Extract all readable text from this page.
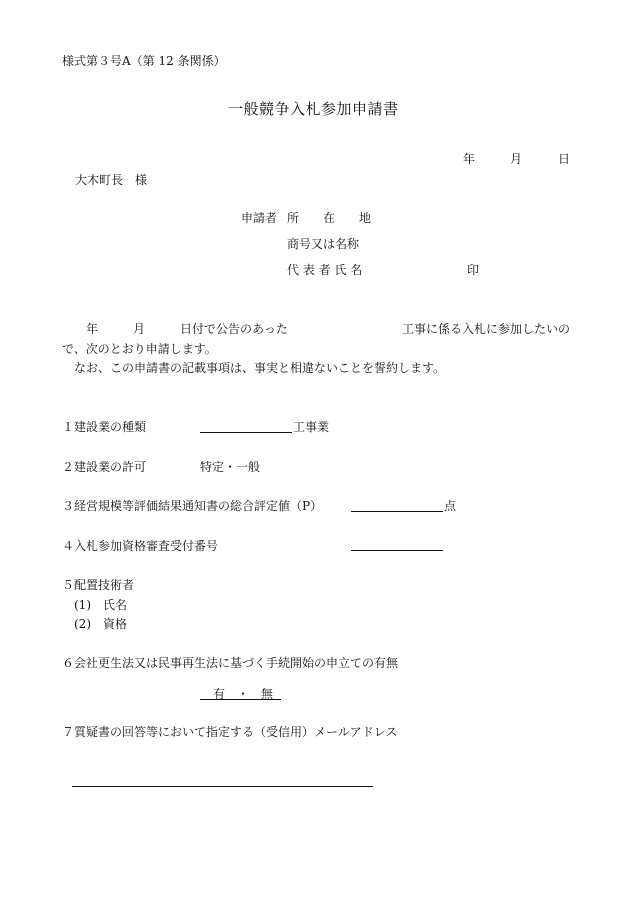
様式第３号A（第 12 条関係）
一般競争入札参加申請書
年	月	日
大木町長　様
申請者 所　　在　　地
商号又は名称
代 表 者 氏 名	印
年	月	日付で公告のあった	工事に係る入札に参加したいの
で、次のとおり申請します。
なお、この申請書の記載事項は、事実と相違ないことを誓約します。
１建設業の種類	工事業
２建設業の許可	特定・一般
３経営規模等評価結果通知書の総合評定値（P）	点
４入札参加資格審査受付番号
５配置技術者
(1)　氏名
(2)　資格
６会社更生法又は民事再生法に基づく手続開始の申立ての有無
有　・　無
７質疑書の回答等において指定する（受信用）メールアドレス
